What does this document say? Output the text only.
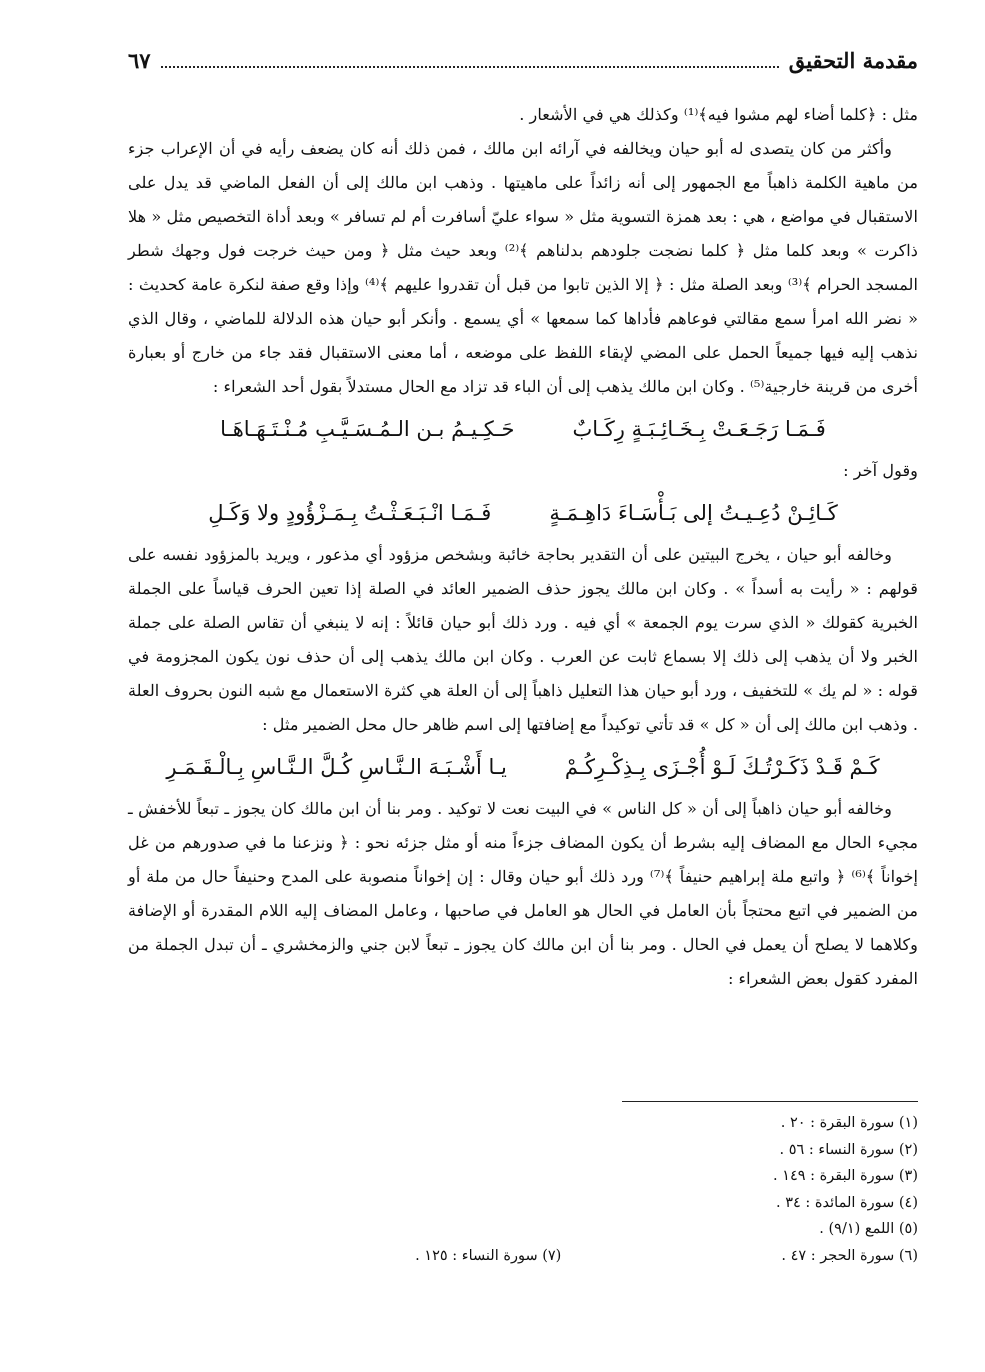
٦٧	مقدمة التحقيق

مثل : ﴿كلما أضاء لهم مشوا فيه﴾⁽¹⁾ وكذلك هي في الأشعار .

وأكثر من كان يتصدى له أبو حيان ويخالفه في آرائه ابن مالك ، فمن ذلك أنه كان يضعف رأيه في أن الإعراب جزء من ماهية الكلمة ذاهباً مع الجمهور إلى أنه زائداً على ماهيتها . وذهب ابن مالك إلى أن الفعل الماضي قد يدل على الاستقبال في مواضع ، هي : بعد همزة التسوية مثل « سواء عليّ أسافرت أم لم تسافر » وبعد أداة التخصيص مثل « هلا ذاكرت » وبعد كلما مثل ﴿ كلما نضجت جلودهم بدلناهم ﴾⁽²⁾ وبعد حيث مثل ﴿ ومن حيث خرجت فول وجهك شطر المسجد الحرام ﴾⁽³⁾ وبعد الصلة مثل : ﴿ إلا الذين تابوا من قبل أن تقدروا عليهم ﴾⁽⁴⁾ وإذا وقع صفة لنكرة عامة كحديث : « نضر الله امرأ سمع مقالتي فوعاهم فأداها كما سمعها » أي يسمع . وأنكر أبو حيان هذه الدلالة للماضي ، وقال الذي نذهب إليه فيها جميعاً الحمل على المضي لإبقاء اللفظ على موضعه ، أما معنى الاستقبال فقد جاء من خارج أو بعبارة أخرى من قرينة خارجية⁽⁵⁾ . وكان ابن مالك يذهب إلى أن الباء قد تزاد مع الحال مستدلاً بقول أحد الشعراء :

فَـمَـا رَجَـعَـتْ بِـخَـائِـبَـةٍ رِكَـابٌ
حَـكِـيـمُ بـن الـمُـسَـيَّـبِ مُـنْـتَـهَـاهَـا

وقول آخر :

كَـائِـنْ دُعِـيـتُ إلى بَـأْسَـاءَ دَاهِـمَـةٍ
فَـمَـا انْـبَـعَـثْـتُ بِـمَـزْؤُودٍ ولا وَكَـلِ

وخالفه أبو حيان ، يخرج البيتين على أن التقدير بحاجة خائبة وبشخص مزؤود أي مذعور ، ويريد بالمزؤود نفسه على قولهم : « رأيت به أسداً » . وكان ابن مالك يجوز حذف الضمير العائد في الصلة إذا تعين الحرف قياساً على الجملة الخبرية كقولك « الذي سرت يوم الجمعة » أي فيه . ورد ذلك أبو حيان قائلاً : إنه لا ينبغي أن تقاس الصلة على جملة الخبر ولا أن يذهب إلى ذلك إلا بسماع ثابت عن العرب . وكان ابن مالك يذهب إلى أن حذف نون يكون المجزومة في قوله : « لم يك » للتخفيف ، ورد أبو حيان هذا التعليل ذاهباً إلى أن العلة هي كثرة الاستعمال مع شبه النون بحروف العلة . وذهب ابن مالك إلى أن « كل » قد تأتي توكيداً مع إضافتها إلى اسم ظاهر حال محل الضمير مثل :

كَـمْ قَـدْ ذَكَـرْتُـكَ لَـوْ أُجْـزَى بِـذِكْـرِكُـمْ
يـا أَشْـبَـهَ الـنَّـاسِ كُـلَّ الـنَّـاسِ بِـالْـقَـمَـرِ

وخالفه أبو حيان ذاهباً إلى أن « كل الناس » في البيت نعت لا توكيد . ومر بنا أن ابن مالك كان يجوز ـ تبعاً للأخفش ـ مجيء الحال مع المضاف إليه بشرط أن يكون المضاف جزءاً منه أو مثل جزئه نحو : ﴿ ونزعنا ما في صدورهم من غل إخواناً ﴾⁽⁶⁾ ﴿ واتبع ملة إبراهيم حنيفاً ﴾⁽⁷⁾ ورد ذلك أبو حيان وقال : إن إخواناً منصوبة على المدح وحنيفاً حال من ملة أو من الضمير في اتبع محتجاً بأن العامل في الحال هو العامل في صاحبها ، وعامل المضاف إليه اللام المقدرة أو الإضافة وكلاهما لا يصلح أن يعمل في الحال . ومر بنا أن ابن مالك كان يجوز ـ تبعاً لابن جني والزمخشري ـ أن تبدل الجملة من المفرد كقول بعض الشعراء :

(١) سورة البقرة : ٢٠ .
(٢) سورة النساء : ٥٦ .
(٣) سورة البقرة : ١٤٩ .
(٤) سورة المائدة : ٣٤ .
(٥) اللمع (٩/١) .
(٦) سورة الحجر : ٤٧ .
(٧) سورة النساء : ١٢٥ .
